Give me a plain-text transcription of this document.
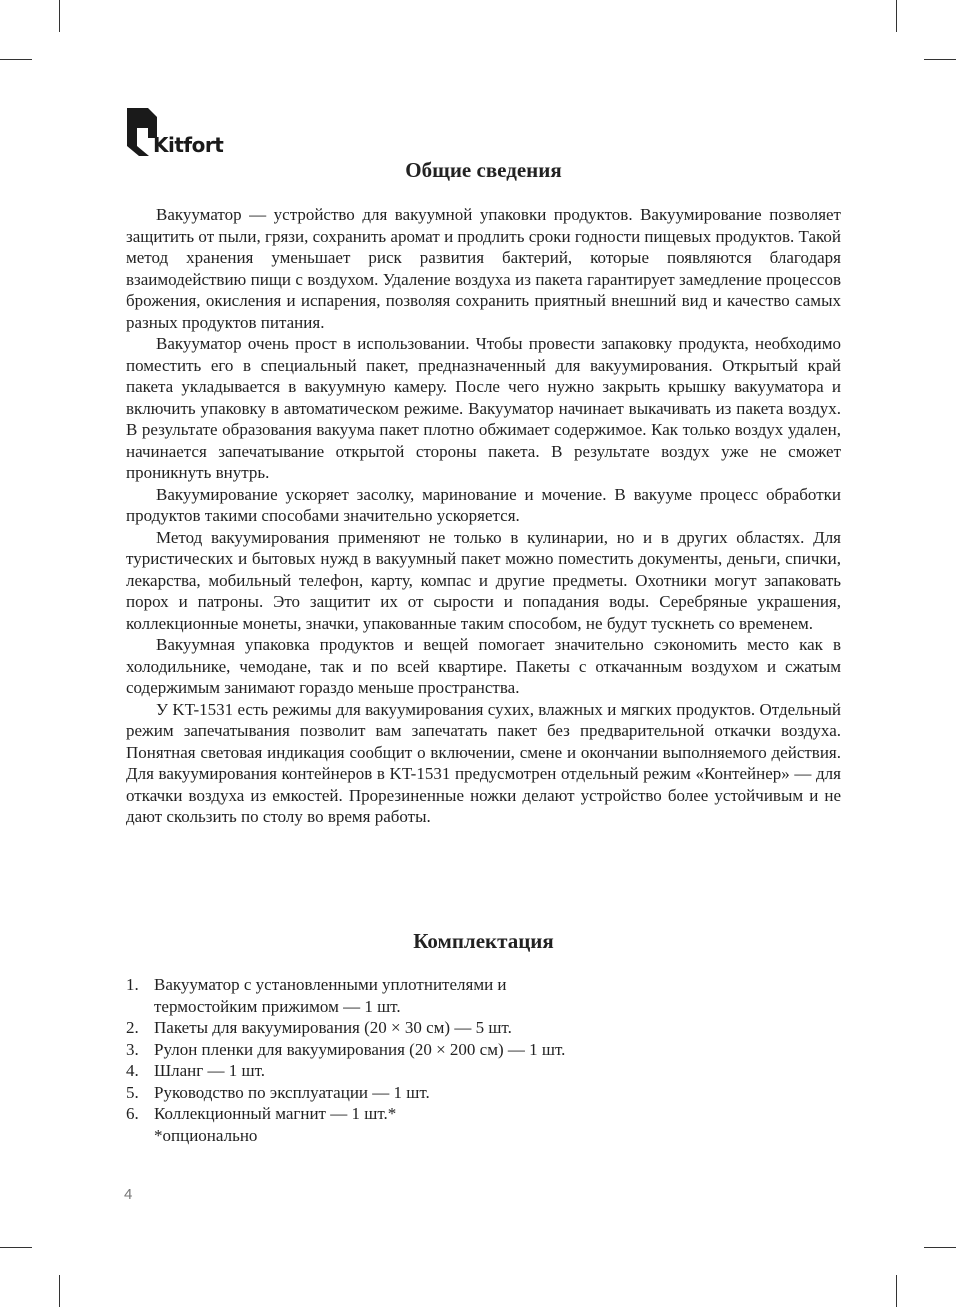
Kitfort
Общие сведения

Вакууматор — устройство для вакуумной упаковки продуктов. Вакуумирование позволяет защитить от пыли, грязи, сохранить аромат и продлить сроки годности пищевых продуктов. Такой метод хранения уменьшает риск развития бактерий, которые появляются благодаря взаимодействию пищи с воздухом. Удаление воздуха из пакета гарантирует замедление процессов брожения, окисления и испарения, позволяя сохранить приятный внешний вид и качество самых разных продуктов питания.

Вакууматор очень прост в использовании. Чтобы провести запаковку продукта, необходимо поместить его в специальный пакет, предназначенный для вакуумирования. Открытый край пакета укладывается в вакуумную камеру. После чего нужно закрыть крышку вакууматора и включить упаковку в автоматическом режиме. Вакууматор начинает выкачивать из пакета воздух. В результате образования вакуума пакет плотно обжимает содержимое. Как только воздух удален, начинается запечатывание открытой стороны пакета. В результате воздух уже не сможет проникнуть внутрь.

Вакуумирование ускоряет засолку, маринование и мочение. В вакууме процесс обработки продуктов такими способами значительно ускоряется.

Метод вакуумирования применяют не только в кулинарии, но и в других областях. Для туристических и бытовых нужд в вакуумный пакет можно поместить документы, деньги, спички, лекарства, мобильный телефон, карту, компас и другие предметы. Охотники могут запаковать порох и патроны. Это защитит их от сырости и попадания воды. Серебряные украшения, коллекционные монеты, значки, упакованные таким способом, не будут тускнеть со временем.

Вакуумная упаковка продуктов и вещей помогает значительно сэкономить место как в холодильнике, чемодане, так и по всей квартире. Пакеты с откачанным воздухом и сжатым содержимым занимают гораздо меньше пространства.

У KT-1531 есть режимы для вакуумирования сухих, влажных и мягких продуктов. Отдельный режим запечатывания позволит вам запечатать пакет без предварительной откачки воздуха. Понятная световая индикация сообщит о включении, смене и окончании выполняемого действия. Для вакуумирования контейнеров в KT-1531 предусмотрен отдельный режим «Контейнер» — для откачки воздуха из емкостей. Прорезиненные ножки делают устройство более устойчивым и не дают скользить по столу во время работы.

Комплектация
1. Вакууматор с установленными уплотнителями и
термостойким прижимом — 1 шт.
2. Пакеты для вакуумирования (20 × 30 см) — 5 шт.
3. Рулон пленки для вакуумирования (20 × 200 см) — 1 шт.
4. Шланг — 1 шт.
5. Руководство по эксплуатации — 1 шт.
6. Коллекционный магнит — 1 шт.*
*опционально
4
